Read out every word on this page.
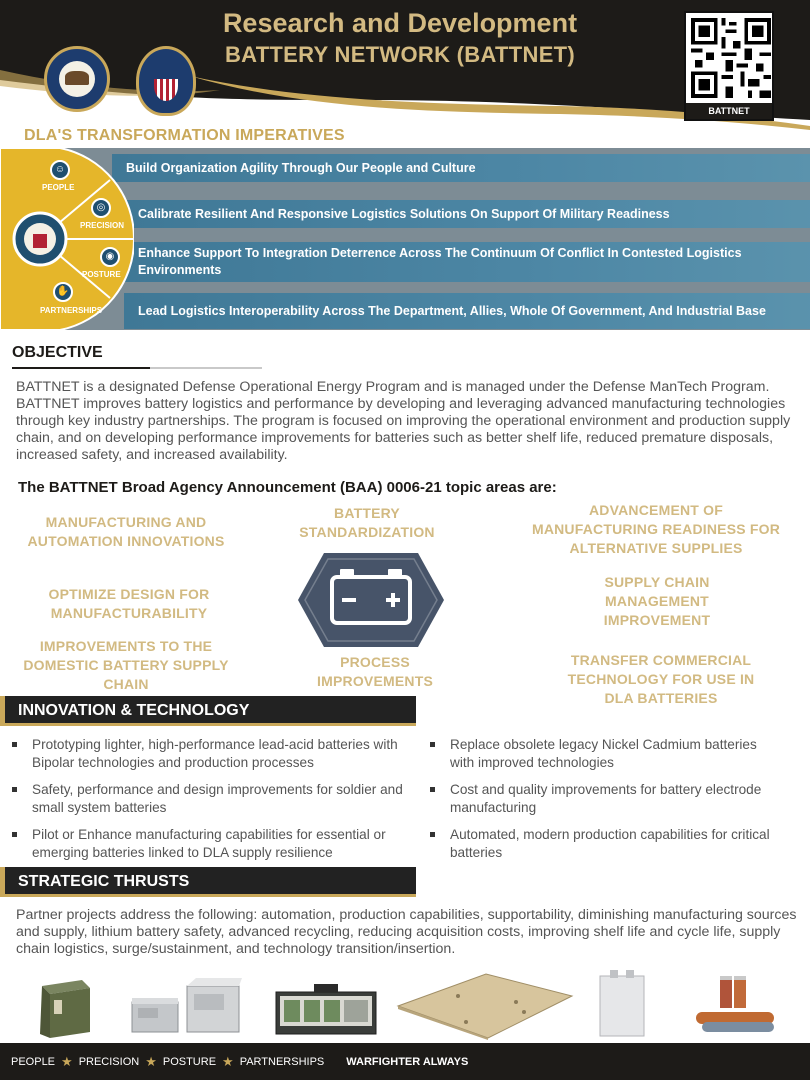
Research and Development
BATTERY NETWORK (BATTNET)
BATTNET
DLA'S TRANSFORMATION IMPERATIVES
Build Organization Agility Through Our People and Culture
Calibrate Resilient And Responsive Logistics Solutions On Support Of Military Readiness
Enhance Support To Integration Deterrence Across The Continuum Of Conflict In Contested Logistics Environments
Lead Logistics Interoperability Across The Department, Allies, Whole Of Government, And Industrial Base
☺
PEOPLE
◎
PRECISION
◉
POSTURE
✋
PARTNERSHIPS
OBJECTIVE

BATTNET is a designated Defense Operational Energy Program and is managed under the Defense ManTech Program. BATTNET improves battery logistics and performance by developing and leveraging advanced manufacturing technologies through key industry partnerships. The program is focused on improving the operational environment and production supply chain, and on developing performance improvements for batteries such as better shelf life, reduced premature disposals, increased safety, and increased availability.

The BATTNET Broad Agency Announcement (BAA) 0006-21 topic areas are:
MANUFACTURING AND AUTOMATION INNOVATIONS
BATTERY STANDARDIZATION
ADVANCEMENT OF MANUFACTURING READINESS FOR ALTERNATIVE SUPPLIES
OPTIMIZE DESIGN FOR MANUFACTURABILITY
SUPPLY CHAIN MANAGEMENT IMPROVEMENT
IMPROVEMENTS TO THE DOMESTIC BATTERY SUPPLY CHAIN
PROCESS IMPROVEMENTS
TRANSFER COMMERCIAL TECHNOLOGY FOR USE IN DLA BATTERIES
INNOVATION & TECHNOLOGY
Prototyping lighter, high-performance lead-acid batteries with Bipolar technologies and production processes
Safety, performance and design improvements for soldier and small system batteries
Pilot or Enhance manufacturing capabilities for essential or emerging batteries linked to DLA supply resilience
Replace obsolete legacy Nickel Cadmium batteries with improved technologies
Cost and quality improvements for battery electrode manufacturing
Automated, modern production capabilities for critical batteries
STRATEGIC THRUSTS

Partner projects address the following: automation, production capabilities, supportability, diminishing manufacturing sources and supply, lithium battery safety, advanced recycling, reducing acquisition costs, improving shelf life and cycle life, supply chain logistics, surge/sustainment, and technology transition/insertion.

PEOPLE ★ PRECISION ★ POSTURE ★ PARTNERSHIPS WARFIGHTER ALWAYS
